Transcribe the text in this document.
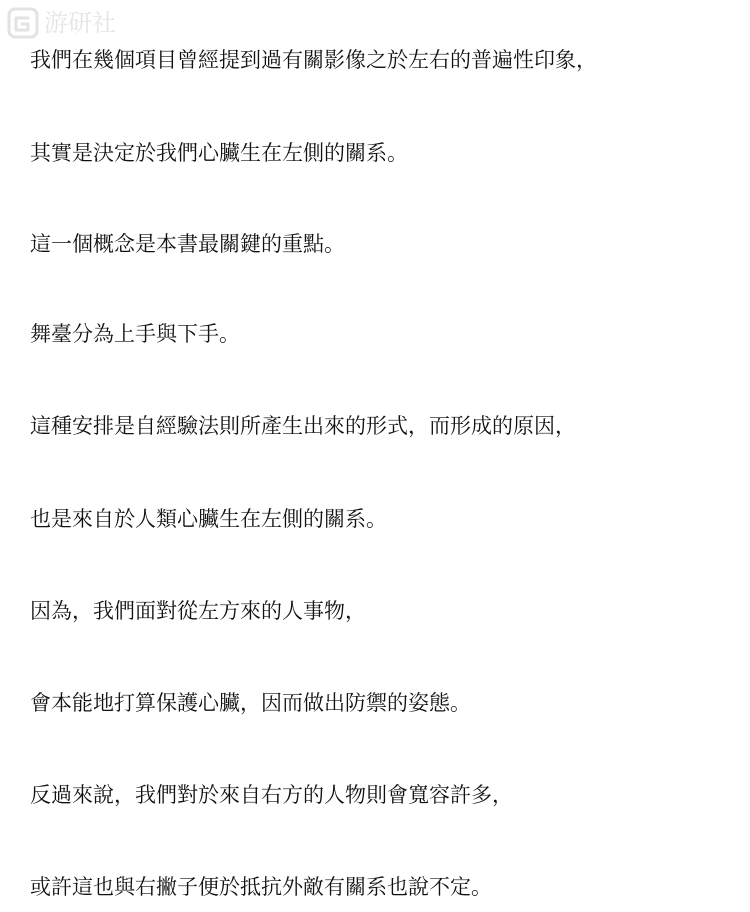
游研社
我們在幾個項目曾經提到過有關影像之於左右的普遍性印象，
其實是決定於我們心臟生在左側的關系。
這一個概念是本書最關鍵的重點。
舞臺分為上手與下手。
這種安排是自經驗法則所產生出來的形式，而形成的原因，
也是來自於人類心臟生在左側的關系。
因為，我們面對從左方來的人事物，
會本能地打算保護心臟，因而做出防禦的姿態。
反過來說，我們對於來自右方的人物則會寬容許多，
或許這也與右撇子便於抵抗外敵有關系也說不定。
